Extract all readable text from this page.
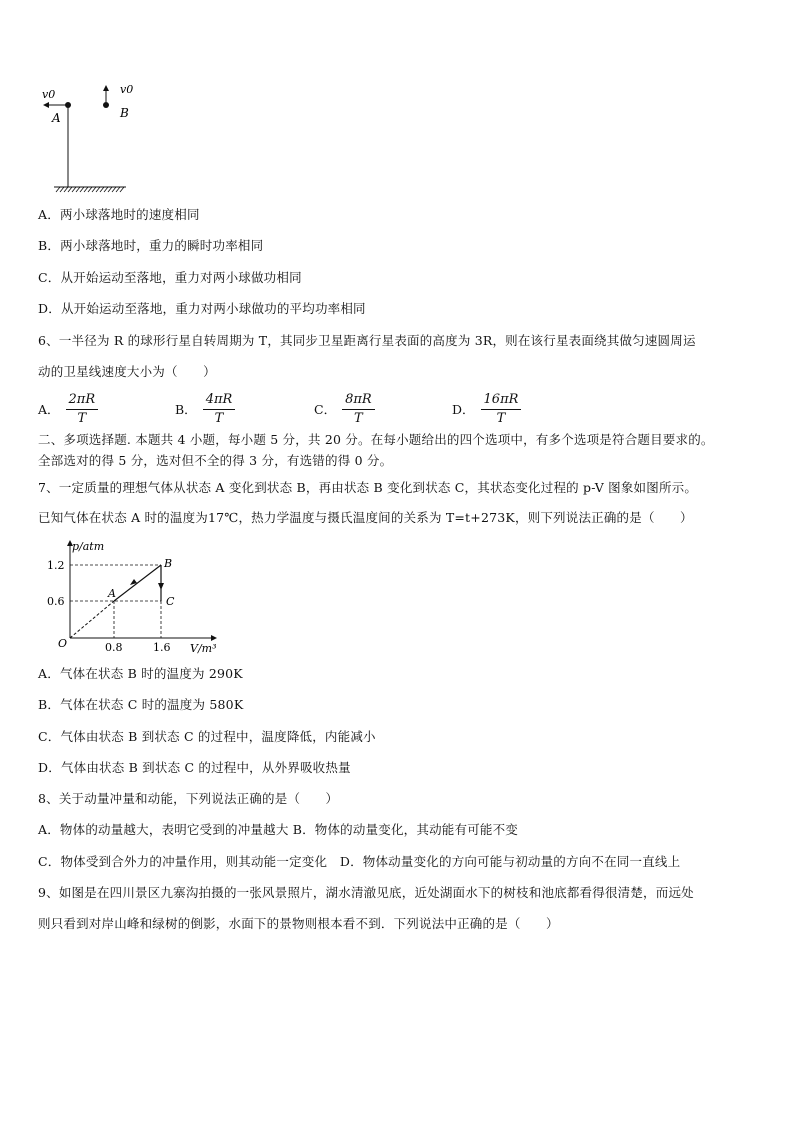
v0	v0
A	B
A．两小球落地时的速度相同
B．两小球落地时，重力的瞬时功率相同
C．从开始运动至落地，重力对两小球做功相同
D．从开始运动至落地，重力对两小球做功的平均功率相同
6、一半径为 R 的球形行星自转周期为 T，其同步卫星距离行星表面的高度为 3R，则在该行星表面绕其做匀速圆周运
动的卫星线速度大小为（　　）
A． $\frac{2\pi R}{T}$	B． $\frac{4\pi R}{T}$	C． $\frac{8\pi R}{T}$	D． $\frac{16\pi R}{T}$
二、多项选择题. 本题共 4 小题，每小题 5 分，共 20 分。在每小题给出的四个选项中，有多个选项是符合题目要求的。
全部选对的得 5 分，选对但不全的得 3 分，有选错的得 0 分。
7、一定质量的理想气体从状态 A 变化到状态 B，再由状态 B 变化到状态 C，其状态变化过程的 p-V 图象如图所示。
已知气体在状态 A 时的温度为17℃，热力学温度与摄氏温度间的关系为 T=t+273K，则下列说法正确的是（　　）
p/atm
V/m³
O
1.2
0.6
0.8	1.6
A
B
C
A．气体在状态 B 时的温度为 290K
B．气体在状态 C 时的温度为 580K
C．气体由状态 B 到状态 C 的过程中，温度降低，内能减小
D．气体由状态 B 到状态 C 的过程中，从外界吸收热量
8、关于动量冲量和动能，下列说法正确的是（　　）
A．物体的动量越大，表明它受到的冲量越大 B．物体的动量变化，其动能有可能不变
C．物体受到合外力的冲量作用，则其动能一定变化　D．物体动量变化的方向可能与初动量的方向不在同一直线上
9、如图是在四川景区九寨沟拍摄的一张风景照片，湖水清澈见底，近处湖面水下的树枝和池底都看得很清楚，而远处
则只看到对岸山峰和绿树的倒影，水面下的景物则根本看不到．下列说法中正确的是（　　）
